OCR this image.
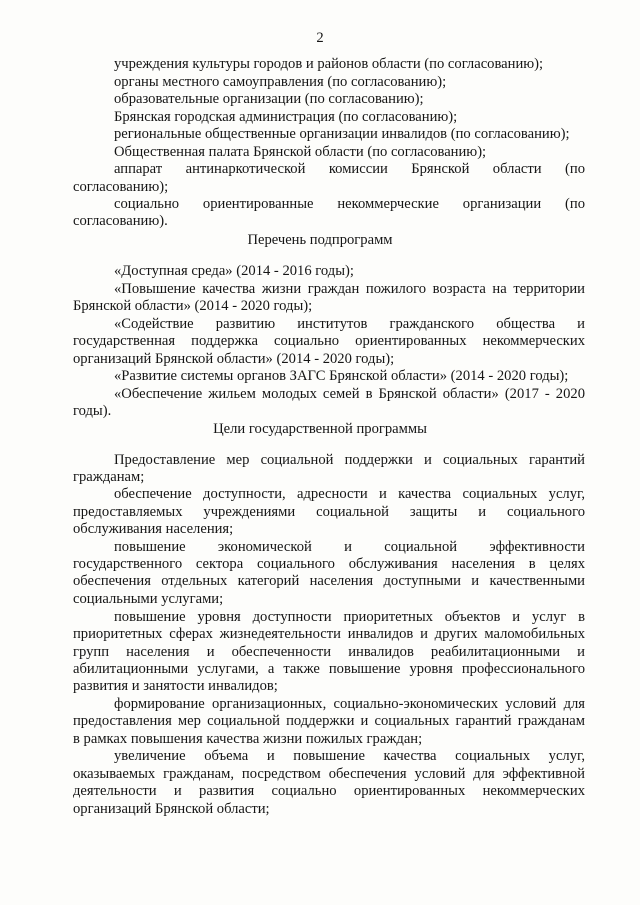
2
учреждения культуры городов и районов области (по согласованию);
органы местного самоуправления (по согласованию);
образовательные организации (по согласованию);
Брянская городская администрация (по согласованию);
региональные общественные организации инвалидов (по согласованию);
Общественная палата Брянской области (по согласованию);
аппарат антинаркотической комиссии Брянской области (по
согласованию);
социально ориентированные некоммерческие организации (по
согласованию).
Перечень подпрограмм
«Доступная среда» (2014 - 2016 годы);
«Повышение качества жизни граждан пожилого возраста на территории
Брянской области» (2014 - 2020 годы);
«Содействие развитию институтов гражданского общества и
государственная поддержка социально ориентированных некоммерческих
организаций Брянской области» (2014 - 2020 годы);
«Развитие системы органов ЗАГС Брянской области» (2014 - 2020 годы);
«Обеспечение жильем молодых семей в Брянской области» (2017 - 2020
годы).
Цели государственной программы
Предоставление мер социальной поддержки и социальных гарантий
гражданам;
обеспечение доступности, адресности и качества социальных услуг,
предоставляемых учреждениями социальной защиты и социального
обслуживания населения;
повышение экономической и социальной эффективности
государственного сектора социального обслуживания населения в целях
обеспечения отдельных категорий населения доступными и качественными
социальными услугами;
повышение уровня доступности приоритетных объектов и услуг в
приоритетных сферах жизнедеятельности инвалидов и других маломобильных
групп населения и обеспеченности инвалидов реабилитационными и
абилитационными услугами, а также повышение уровня профессионального
развития и занятости инвалидов;
формирование организационных, социально-экономических условий для
предоставления мер социальной поддержки и социальных гарантий гражданам
в рамках повышения качества жизни пожилых граждан;
увеличение объема и повышение качества социальных услуг,
оказываемых гражданам, посредством обеспечения условий для эффективной
деятельности и развития социально ориентированных некоммерческих
организаций Брянской области;
